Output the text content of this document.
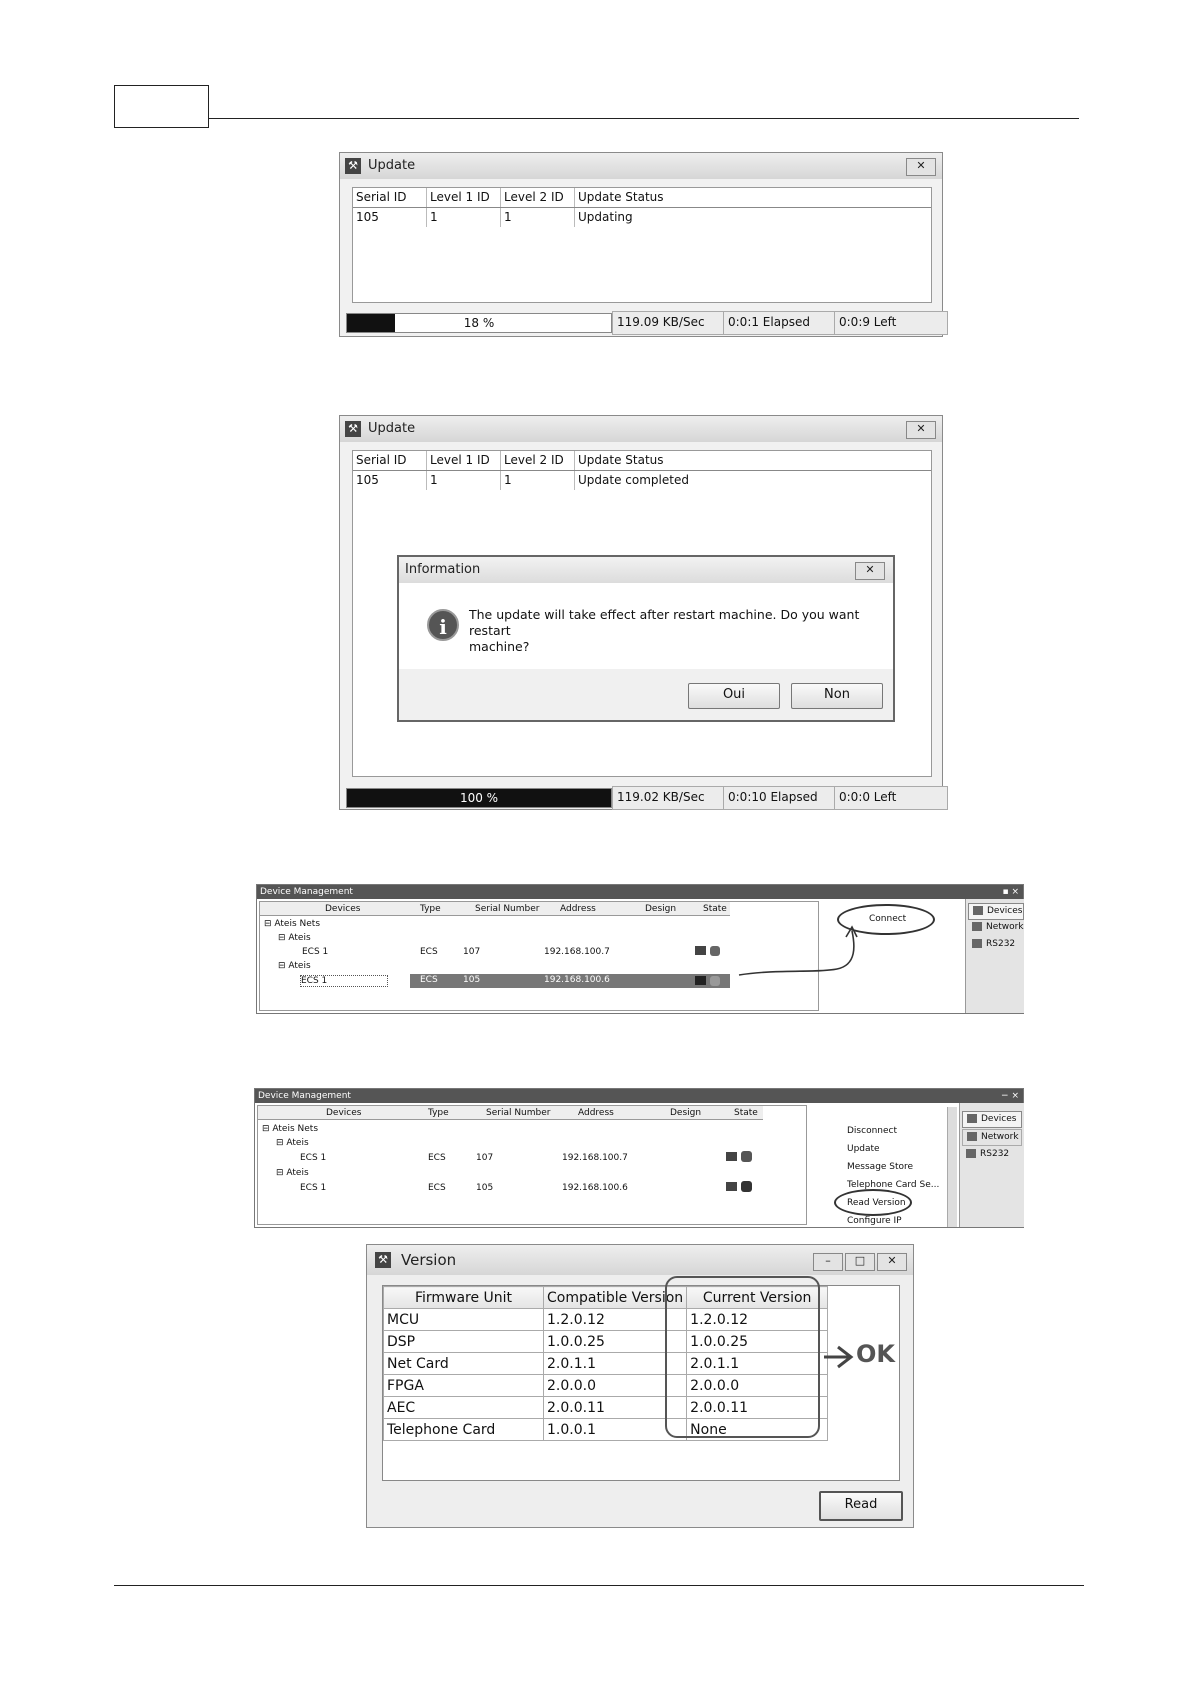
⚒ Update	✕
Serial ID	Level 1 ID	Level 2 ID	Update Status
105	1	1	Updating
18 %	119.09 KB/Sec	0:0:1 Elapsed	0:0:9 Left
⚒ Update	✕
Serial ID	Level 1 ID	Level 2 ID	Update Status
105	1	1	Update completed
Information	✕
i
The update will take effect after restart machine. Do you want restart
machine?
Oui	Non
100 %	119.02 KB/Sec	0:0:10 Elapsed	0:0:0 Left
Device Management	▪ ×
Devices	Type	Serial Number Address	Design	State
⊟ Ateis Nets
⊟ Ateis
ECS 1	ECS	107	192.168.100.7
⊟ Ateis
ECS 1	ECS	105	192.168.100.6
Connect
Devices
Network
RS232
Device Management	− ×
Devices	Type	Serial Number	Address	Design	State
⊟ Ateis Nets
⊟ Ateis
ECS 1	ECS	107	192.168.100.7
⊟ Ateis
ECS 1	ECS	105	192.168.100.6
Disconnect
Update
Message Store
Telephone Card Se...
Read Version
Configure IP
Devices
Network
RS232
⚒ Version	–	□	✕
Firmware Unit	Compatible Version	Current Version
MCU	1.2.0.12	1.2.0.12
DSP	1.0.0.25	1.0.0.25
Net Card	2.0.1.1	2.0.1.1
FPGA	2.0.0.0	2.0.0.0
AEC	2.0.0.11	2.0.0.11
Telephone Card	1.0.0.1	None
Read
OK
